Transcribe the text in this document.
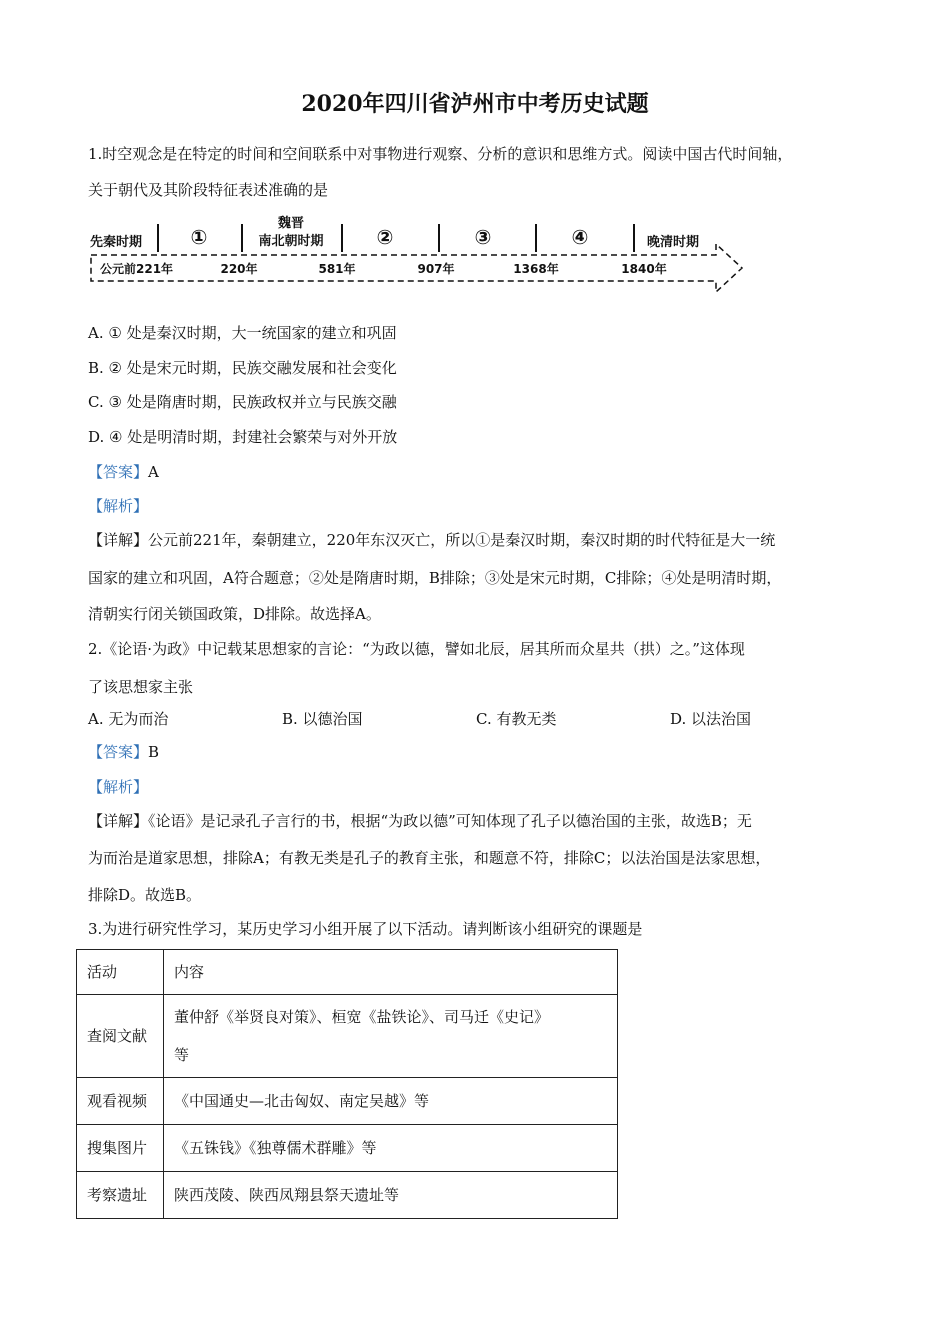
2020年四川省泸州市中考历史试题
1.时空观念是在特定的时间和空间联系中对事物进行观察、分析的意识和思维方式。阅读中国古代时间轴，
关于朝代及其阶段特征表述准确的是
先秦时期 ①
魏晋
南北朝时期	②	③	④	晚清时期
公元前221年	220年	581年	907年	1368年	1840年
A. ① 处是秦汉时期，大一统国家的建立和巩固
B. ② 处是宋元时期，民族交融发展和社会变化
C. ③ 处是隋唐时期，民族政权并立与民族交融
D. ④ 处是明清时期，封建社会繁荣与对外开放
【答案】A
【解析】
【详解】公元前221年，秦朝建立，220年东汉灭亡，所以①是秦汉时期，秦汉时期的时代特征是大一统
国家的建立和巩固，A符合题意；②处是隋唐时期，B排除；③处是宋元时期，C排除；④处是明清时期，
清朝实行闭关锁国政策，D排除。故选择A。
2.《论语·为政》中记载某思想家的言论：“为政以德，譬如北辰，居其所而众星共（拱）之。”这体现
了该思想家主张
A. 无为而治	B. 以德治国	C. 有教无类	D. 以法治国
【答案】B
【解析】
【详解】《论语》是记录孔子言行的书，根据“为政以德”可知体现了孔子以德治国的主张，故选B；无
为而治是道家思想，排除A；有教无类是孔子的教育主张，和题意不符，排除C；以法治国是法家思想，
排除D。故选B。
3.为进行研究性学习，某历史学习小组开展了以下活动。请判断该小组研究的课题是
活动	内容
查阅文献	董仲舒《举贤良对策》、桓宽《盐铁论》、司马迁《史记》
等

观看视频	《中国通史—北击匈奴、南定吴越》等
搜集图片	《五铢钱》《独尊儒术群雕》等
考察遗址	陕西茂陵、陕西凤翔县祭天遗址等
